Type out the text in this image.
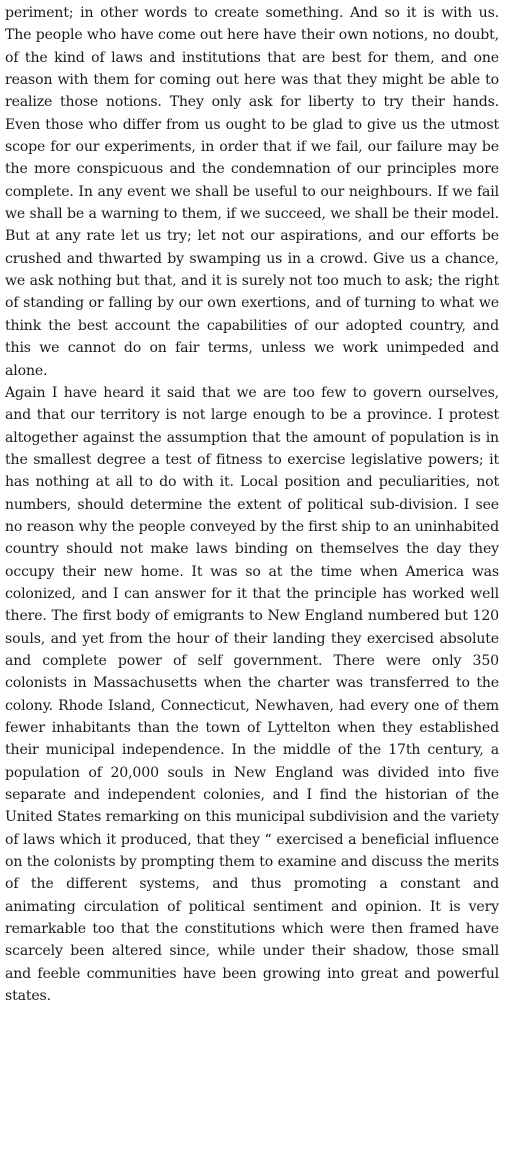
periment; in other words to create something. And so it is with us. The people who have come out here have their own notions, no doubt, of the kind of laws and institutions that are best for them, and one reason with them for coming out here was that they might be able to realize those notions. They only ask for liberty to try their hands. Even those who differ from us ought to be glad to give us the utmost scope for our experiments, in order that if we fail, our failure may be the more conspicuous and the condemnation of our principles more complete. In any event we shall be useful to our neighbours. If we fail we shall be a warning to them, if we succeed, we shall be their model. But at any rate let us try; let not our aspirations, and our efforts be crushed and thwarted by swamping us in a crowd. Give us a chance, we ask nothing but that, and it is surely not too much to ask; the right of standing or falling by our own exertions, and of turning to what we think the best account the capabilities of our adopted country, and this we cannot do on fair terms, unless we work unimpeded and alone.

Again I have heard it said that we are too few to govern ourselves, and that our territory is not large enough to be a province. I protest altogether against the assumption that the amount of population is in the smallest degree a test of fitness to exercise legislative powers; it has nothing at all to do with it. Local position and peculiarities, not numbers, should determine the extent of political sub-division. I see no reason why the people conveyed by the first ship to an uninhabited country should not make laws binding on themselves the day they occupy their new home. It was so at the time when America was colonized, and I can answer for it that the principle has worked well there. The first body of emigrants to New England numbered but 120 souls, and yet from the hour of their landing they exercised absolute and complete power of self government. There were only 350 colonists in Massachusetts when the charter was transferred to the colony. Rhode Island, Connecticut, Newhaven, had every one of them fewer inhabitants than the town of Lyttelton when they established their municipal independence. In the middle of the 17th century, a population of 20,000 souls in New England was divided into five separate and independent colonies, and I find the historian of the United States remarking on this municipal subdivision and the variety of laws which it produced, that they “ exercised a beneficial influence on the colonists by prompting them to examine and discuss the merits of the different systems, and thus promoting a constant and animating circulation of political sentiment and opinion. It is very remarkable too that the constitutions which were then framed have scarcely been altered since, while under their shadow, those small and feeble communities have been growing into great and powerful states.
